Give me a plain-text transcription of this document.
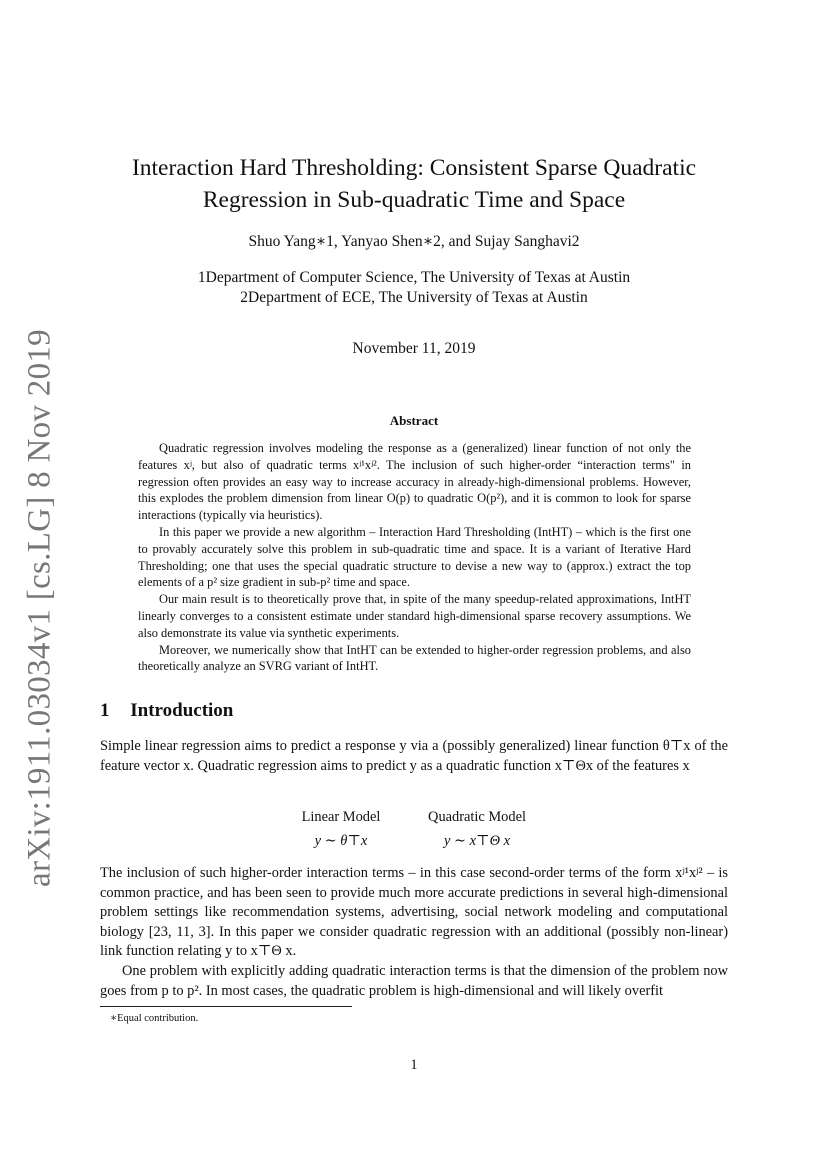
arXiv:1911.03034v1 [cs.LG] 8 Nov 2019
Interaction Hard Thresholding: Consistent Sparse Quadratic
Regression in Sub-quadratic Time and Space
Shuo Yang∗1, Yanyao Shen∗2, and Sujay Sanghavi2
1Department of Computer Science, The University of Texas at Austin
2Department of ECE, The University of Texas at Austin
November 11, 2019
Abstract

Quadratic regression involves modeling the response as a (generalized) linear function of not only the features xʲ, but also of quadratic terms xʲ¹xʲ². The inclusion of such higher-order “interaction terms" in regression often provides an easy way to increase accuracy in already-high-dimensional problems. However, this explodes the problem dimension from linear O(p) to quadratic O(p²), and it is common to look for sparse interactions (typically via heuristics).

In this paper we provide a new algorithm – Interaction Hard Thresholding (IntHT) – which is the first one to provably accurately solve this problem in sub-quadratic time and space. It is a variant of Iterative Hard Thresholding; one that uses the special quadratic structure to devise a new way to (approx.) extract the top elements of a p² size gradient in sub-p² time and space.

Our main result is to theoretically prove that, in spite of the many speedup-related approximations, IntHT linearly converges to a consistent estimate under standard high-dimensional sparse recovery assumptions. We also demonstrate its value via synthetic experiments.

Moreover, we numerically show that IntHT can be extended to higher-order regression problems, and also theoretically analyze an SVRG variant of IntHT.

1 Introduction

Simple linear regression aims to predict a response y via a (possibly generalized) linear function θ⊤x of the feature vector x. Quadratic regression aims to predict y as a quadratic function x⊤Θx of the features x

Linear Model
y ∼ θ⊤x
Quadratic Model
y ∼ x⊤Θ x

The inclusion of such higher-order interaction terms – in this case second-order terms of the form xʲ¹xʲ² – is common practice, and has been seen to provide much more accurate predictions in several high-dimensional problem settings like recommendation systems, advertising, social network modeling and computational biology [23, 11, 3]. In this paper we consider quadratic regression with an additional (possibly non-linear) link function relating y to x⊤Θ x.

One problem with explicitly adding quadratic interaction terms is that the dimension of the problem now goes from p to p². In most cases, the quadratic problem is high-dimensional and will likely overfit

∗Equal contribution.
1
